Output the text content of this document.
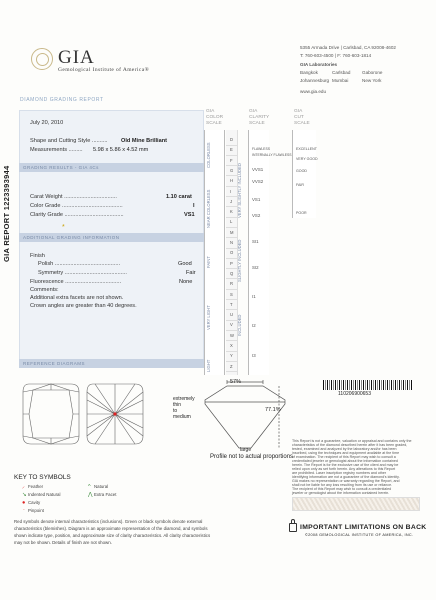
GIA
Gemological Institute of America®
5355 Armada Drive | Carlsbad, CA 92008-4602
T: 760-603-4500 | F: 760-603-1814
GIA Laboratories
Bangkok	Carlsbad	Gaborone
Johannesburg Mumbai	New York
www.gia.edu
DIAMOND GRADING REPORT
GIA REPORT 1223393944
July 20, 2010
Shape and Cutting Style .......... Old Mine Brilliant
Measurements ......... 5.98 x 5.86 x 4.52 mm
GRADING RESULTS - GIA 4Cs
Carat Weight ..................................	1.10 carat
Color Grade .......................................	I
Clarity Grade ......................................	VS1
*
ADDITIONAL GRADING INFORMATION
Finish
Polish ..........................................	Good
Symmetry ........................................	Fair
Fluorescence ....................................	None
Comments:
Additional extra facets are not shown.
Crown angles are greater than 40 degrees.
REFERENCE DIAGRAMS
GIA
COLOR
SCALE
GIA
CLARITY
SCALE
GIA
CUT
SCALE
COLORLESS
NEAR COLORLESS
FAINT
VERY LIGHT
LIGHT
D
E
F
G
H
I
J
K
L
M
N
O
P
Q
R
S
T
U
V
W
X
Y
Z
VERY SLIGHTLY INCLUDED
SLIGHTLY INCLUDED
INCLUDED
FLAWLESS
INTERNALLY FLAWLESS
VVS1
VVS2
VS1
VS2
SI1
SI2
I1
I2
I3
EXCELLENT
VERY GOOD
GOOD
FAIR
POOR
57%
77.1%
extremely
thin
to
medium
large
Profile not to actual proportions
110206900653
This Report is not a guarantee, valuation or appraisal and contains only the
characteristics of the diamond described herein after it has been graded,
tested, examined and analyzed by the laboratory and/or has been
inscribed, using the techniques and equipment available at the time
of examination. The recipient of this Report may wish to consult a
credentialed jeweler or gemologist about the information contained
herein. The Report is for the exclusive use of the client and may be
relied upon only as set forth herein. Any alterations to this Report
are prohibited. Laser inscription registry numbers and other
identifying information are not a guarantee of the diamond's identity.
GIA makes no representation or warranty regarding the Report, and
shall not be liable for any loss resulting from its use or reliance.
The recipient of this Report may wish to consult a credentialed
jeweler or gemologist about the information contained herein.
IMPORTANT LIMITATIONS ON BACK
©2008 GEMOLOGICAL INSTITUTE OF AMERICA, INC.
KEY TO SYMBOLS
⸝ Feather
↘ Indented Natural
● Cavity
· Pinpoint
^ Natural
⋀ Extra Facet
Red symbols denote internal characteristics (inclusions). Green or black symbols denote external
characteristics (blemishes). Diagram is an approximate representation of the diamond, and symbols
shown indicate type, position, and approximate size of clarity characteristics. All clarity characteristics
may not be shown. Details of finish are not shown.
